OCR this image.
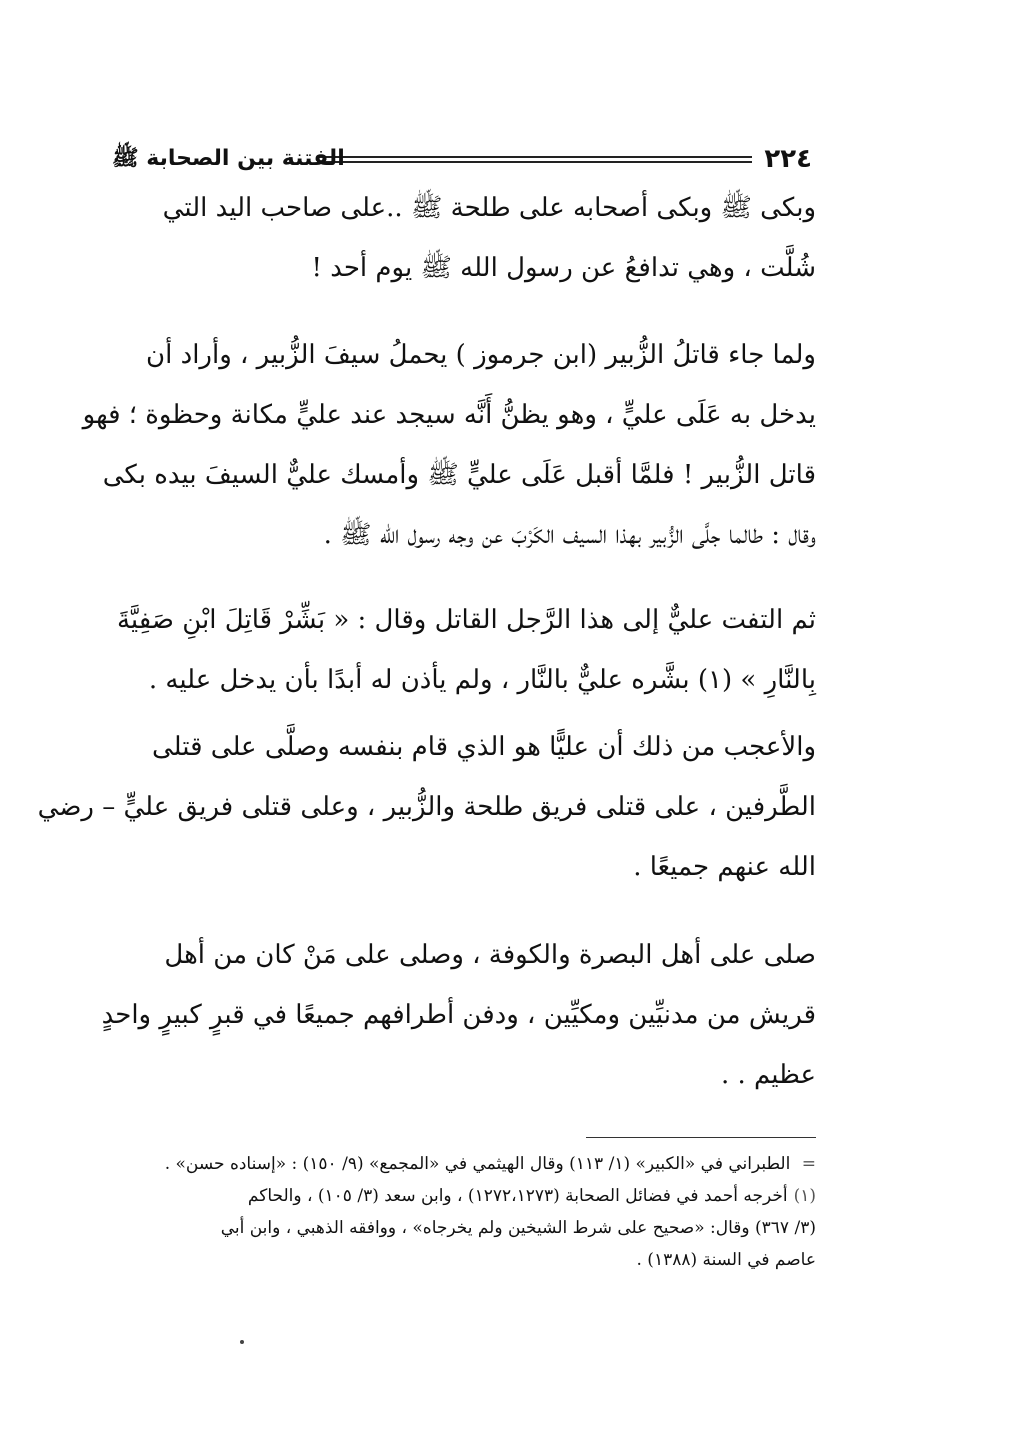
٢٢٤
الفتنة بين الصحابة ﷺ
وبكى ﷺ وبكى أصحابه على طلحة ﷺ ..على صاحب اليد التي
شُلَّت ، وهي تدافعُ عن رسول الله ﷺ يوم أحد !
ولما جاء قاتلُ الزُّبير (ابن جرموز ) يحملُ سيفَ الزُّبير ، وأراد أن
يدخل به عَلَى عليٍّ ، وهو يظنُّ أَنَّه سيجد عند عليٍّ مكانة وحظوة ؛ فهو
قاتل الزُّبير ! فلمَّا أقبل عَلَى عليٍّ ﷺ وأمسك عليٌّ السيفَ بيده بكى
وقال : طالما جلَّى الزُّبير بهذا السيف الكَرْبَ عن وجه رسول الله ﷺ .
ثم التفت عليٌّ إلى هذا الرَّجل القاتل وقال : « بَشِّرْ قَاتِلَ ابْنِ صَفِيَّةَ
بِالنَّارِ » (١) بشَّره عليٌّ بالنَّار ، ولم يأذن له أبدًا بأن يدخل عليه .
والأعجب من ذلك أن عليًّا هو الذي قام بنفسه وصلَّى على قتلى
الطَّرفين ، على قتلى فريق طلحة والزُّبير ، وعلى قتلى فريق عليٍّ – رضي
الله عنهم جميعًا .
صلى على أهل البصرة والكوفة ، وصلى على مَنْ كان من أهل
قريش من مدنيِّين ومكيِّين ، ودفن أطرافهم جميعًا في قبرٍ كبيرٍ واحدٍ
عظيم . .
= الطبراني في «الكبير» (١/ ١١٣) وقال الهيثمي في «المجمع» (٩/ ١٥٠) : «إسناده حسن» .
(١)أخرجه أحمد في فضائل الصحابة (١٢٧٢،١٢٧٣) ، وابن سعد (٣/ ١٠٥) ، والحاكم
(٣/ ٣٦٧) وقال: «صحيح على شرط الشيخين ولم يخرجاه» ، ووافقه الذهبي ، وابن أبي
عاصم في السنة (١٣٨٨) .
